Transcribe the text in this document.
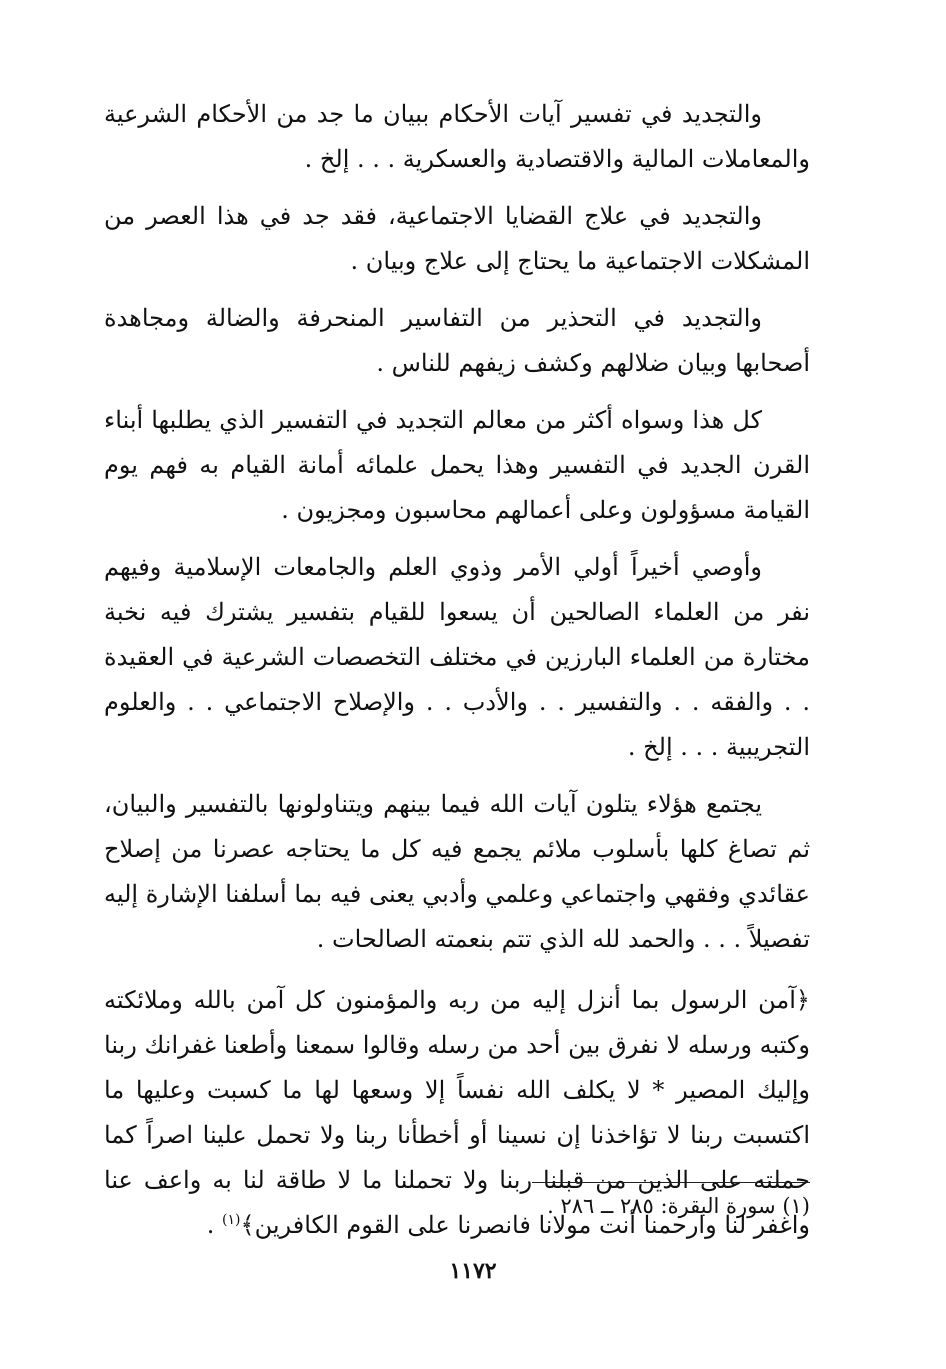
والتجديد في تفسير آيات الأحكام ببيان ما جد من الأحكام الشرعية والمعاملات المالية والاقتصادية والعسكرية . . . إلخ .

والتجديد في علاج القضايا الاجتماعية، فقد جد في هذا العصر من المشكلات الاجتماعية ما يحتاج إلى علاج وبيان .

والتجديد في التحذير من التفاسير المنحرفة والضالة ومجاهدة أصحابها وبيان ضلالهم وكشف زيفهم للناس .

كل هذا وسواه أكثر من معالم التجديد في التفسير الذي يطلبها أبناء القرن الجديد في التفسير وهذا يحمل علمائه أمانة القيام به فهم يوم القيامة مسؤولون وعلى أعمالهم محاسبون ومجزيون .

وأوصي أخيراً أولي الأمر وذوي العلم والجامعات الإسلامية وفيهم نفر من العلماء الصالحين أن يسعوا للقيام بتفسير يشترك فيه نخبة مختارة من العلماء البارزين في مختلف التخصصات الشرعية في العقيدة . . والفقه . . والتفسير . . والأدب . . والإصلاح الاجتماعي . . والعلوم التجريبية . . . إلخ .

يجتمع هؤلاء يتلون آيات الله فيما بينهم ويتناولونها بالتفسير والبيان، ثم تصاغ كلها بأسلوب ملائم يجمع فيه كل ما يحتاجه عصرنا من إصلاح عقائدي وفقهي واجتماعي وعلمي وأدبي يعنى فيه بما أسلفنا الإشارة إليه تفصيلاً . . . والحمد لله الذي تتم بنعمته الصالحات .

﴿آمن الرسول بما أنزل إليه من ربه والمؤمنون كل آمن بالله وملائكته وكتبه ورسله لا نفرق بين أحد من رسله وقالوا سمعنا وأطعنا غفرانك ربنا وإليك المصير * لا يكلف الله نفساً إلا وسعها لها ما كسبت وعليها ما اكتسبت ربنا لا تؤاخذنا إن نسينا أو أخطأنا ربنا ولا تحمل علينا اصراً كما حملته على الذين من قبلنا ربنا ولا تحملنا ما لا طاقة لنا به واعف عنا واغفر لنا وارحمنا أنت مولانا فانصرنا على القوم الكافرين﴾$^{(١)}$ .

(١) سورة البقرة: ٢٨٥ ــ ٢٨٦ .
١١٧٢
